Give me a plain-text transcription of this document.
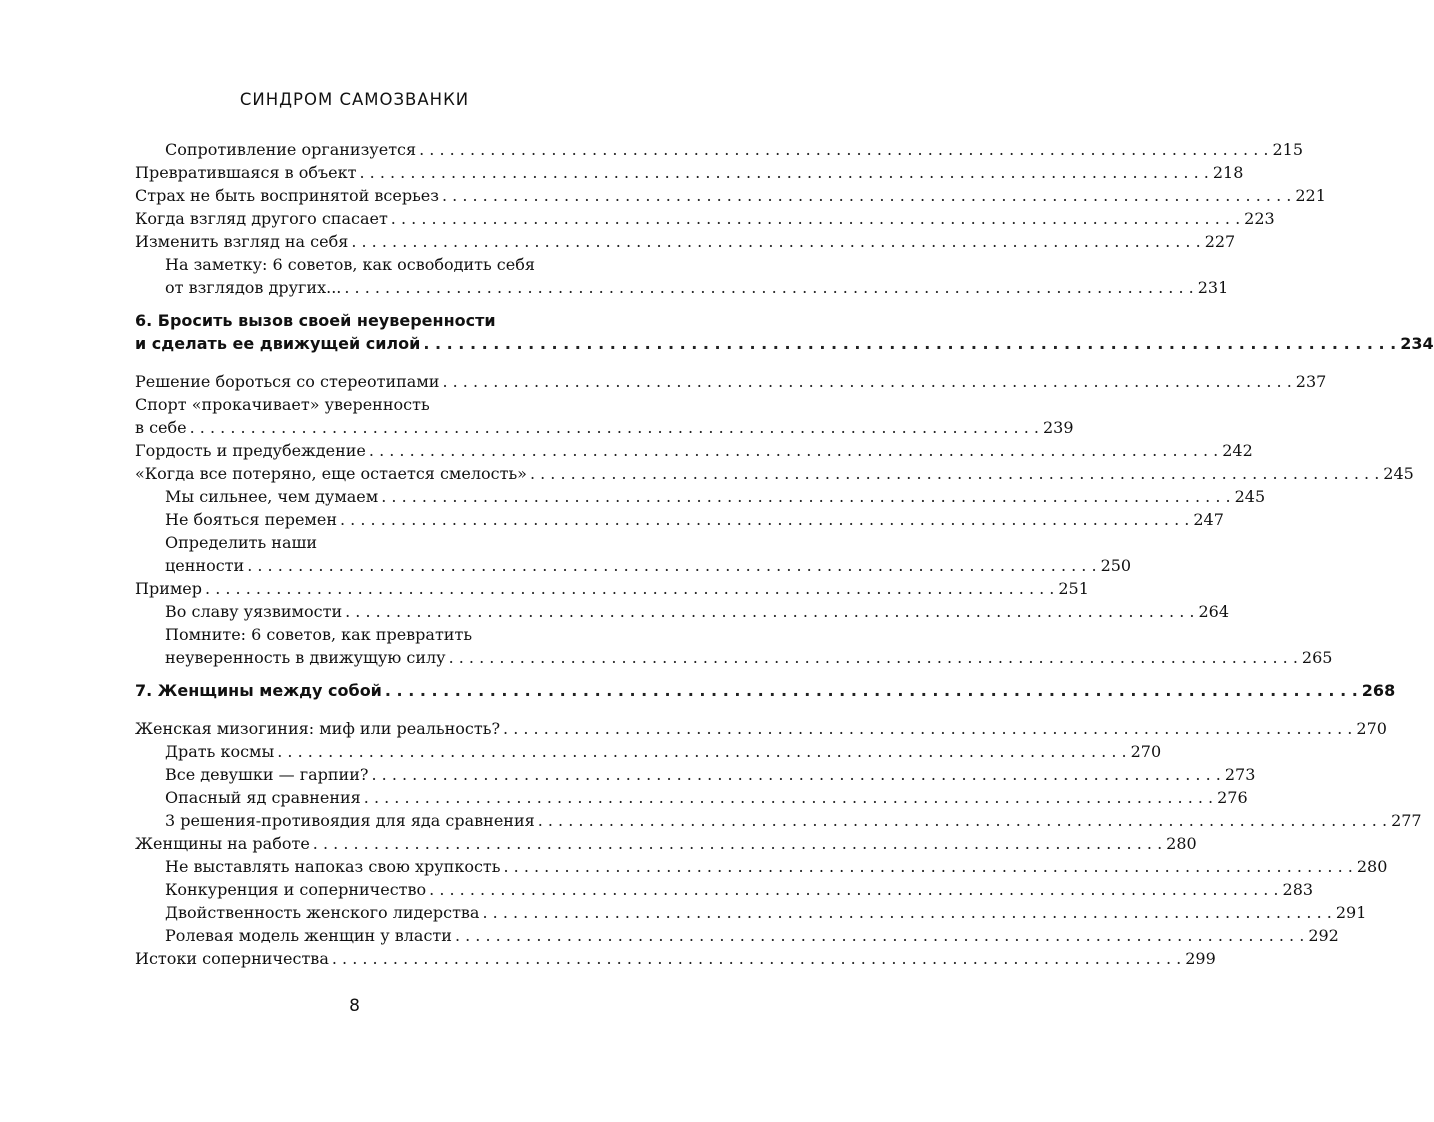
СИНДРОМ САМОЗВАНКИ
Сопротивление организуется . . .	215
Превратившаяся в объект . . .	218
Страх не быть воспринятой всерьез . . .	221
Когда взгляд другого спасает . . .	223
Изменить взгляд на себя . . .	227
На заметку: 6 советов, как освободить себя
от взглядов других... . . .	231
6. Бросить вызов своей неуверенности
и сделать ее движущей силой . . .	234
Решение бороться со стереотипами . . .	237
Спорт «прокачивает» уверенность
в себе . . .	239
Гордость и предубеждение . . .	242
«Когда все потеряно, еще остается смелость» . . .	245
Мы сильнее, чем думаем . . .	245
Не бояться перемен . . .	247
Определить наши
ценности . . .	250
Пример . . .	251
Во славу уязвимости . . .	264
Помните: 6 советов, как превратить
неуверенность в движущую силу . . .	265
7. Женщины между собой . . .	268
Женская мизогиния: миф или реальность? . . .	270
Драть космы . . .	270
Все девушки — гарпии? . . .	273
Опасный яд сравнения . . .	276
3 решения-противоядия для яда сравнения . . .	277
Женщины на работе . . .	280
Не выставлять напоказ свою хрупкость . . .	280
Конкуренция и соперничество . . .	283
Двойственность женского лидерства . . .	291
Ролевая модель женщин у власти . . .	292
Истоки соперничества . . .	299
8
